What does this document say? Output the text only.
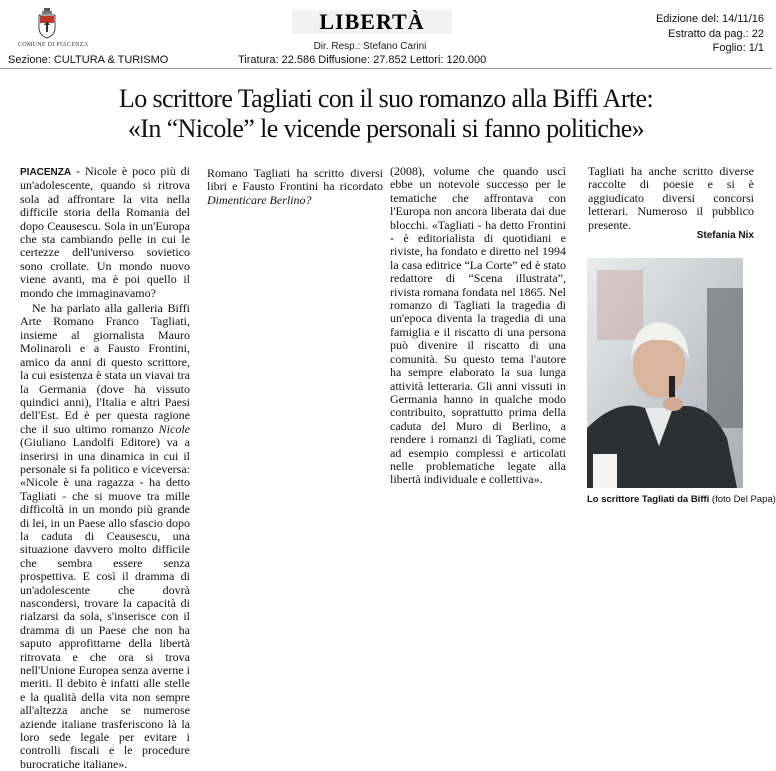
COMUNE DI PIACENZA
Sezione: CULTURA & TURISMO
LIBERTÀ
Dir. Resp.: Stefano Carini
Tiratura: 22.586 Diffusione: 27.852 Lettori: 120.000
Edizione del: 14/11/16
Estratto da pag.: 22
Foglio: 1/1
Lo scrittore Tagliati con il suo romanzo alla Biffi Arte:
«In “Nicole” le vicende personali si fanno politiche»

PIACENZA - Nicole è poco più di un'adolescente, quando si ritrova sola ad affrontare la vita nella difficile storia della Romania del dopo Ceausescu. Sola in un'Europa che sta cambiando pelle in cui le certezze dell'universo sovietico sono crollate. Un mondo nuovo viene avanti, ma è poi quello il mondo che immaginavamo?

Ne ha parlato alla galleria Biffi Arte Romano Franco Tagliati, insieme al giornalista Mauro Molinaroli e a Fausto Frontini, amico da anni di questo scrittore, la cui esistenza è stata un viavai tra la Germania (dove ha vissuto quindici anni), l'Italia e altri Paesi dell'Est. Ed è per questa ragione che il suo ultimo romanzo Nicole (Giuliano Landolfi Editore) va a inserirsi in una dinamica in cui il personale si fa politico e viceversa: «Nicole è una ragazza - ha detto Tagliati - che si muove tra mille difficoltà in un mondo più grande di lei, in un Paese allo sfascio dopo la caduta di Ceausescu, una situazione davvero molto difficile che sembra essere senza prospettiva. E così il dramma di un'adolescente che dovrà nascondersi, trovare la capacità di rialzarsi da sola, s'inserisce con il dramma di un Paese che non ha saputo approfittarne della libertà ritrovata e che ora si trova nell'Unione Europea senza averne i meriti. Il debito è infatti alle stelle e la qualità della vita non sempre all'altezza anche se numerose aziende italiane trasferiscono là la loro sede legale per evitare i controlli fiscali e le procedure burocratiche italiane».

Romano Tagliati ha scritto diversi libri e Fausto Frontini ha ricordato Dimenticare Berlino?

(2008), volume che quando uscì ebbe un notevole successo per le tematiche che affrontava con l'Europa non ancora liberata dai due blocchi. «Tagliati - ha detto Frontini - è editorialista di quotidiani e riviste, ha fondato e diretto nel 1994 la casa editrice “La Corte” ed è stato redattore di “Scena illustrata”, rivista romana fondata nel 1865. Nel romanzo di Tagliati la tragedia di un'epoca diventa la tragedia di una famiglia e il riscatto di una persona può divenire il riscatto di una comunità. Su questo tema l'autore ha sempre elaborato la sua lunga attività letteraria. Gli anni vissuti in Germania hanno in qualche modo contribuito, soprattutto prima della caduta del Muro di Berlino, a rendere i romanzi di Tagliati, come ad esempio complessi e articolati nelle problematiche legate alla libertà individuale e collettiva».

Tagliati ha anche scritto diverse raccolte di poesie e si è aggiudicato diversi concorsi letterari. Numeroso il pubblico presente.

Stefania Nix
Lo scrittore Tagliati da Biffi (foto Del Papa)
